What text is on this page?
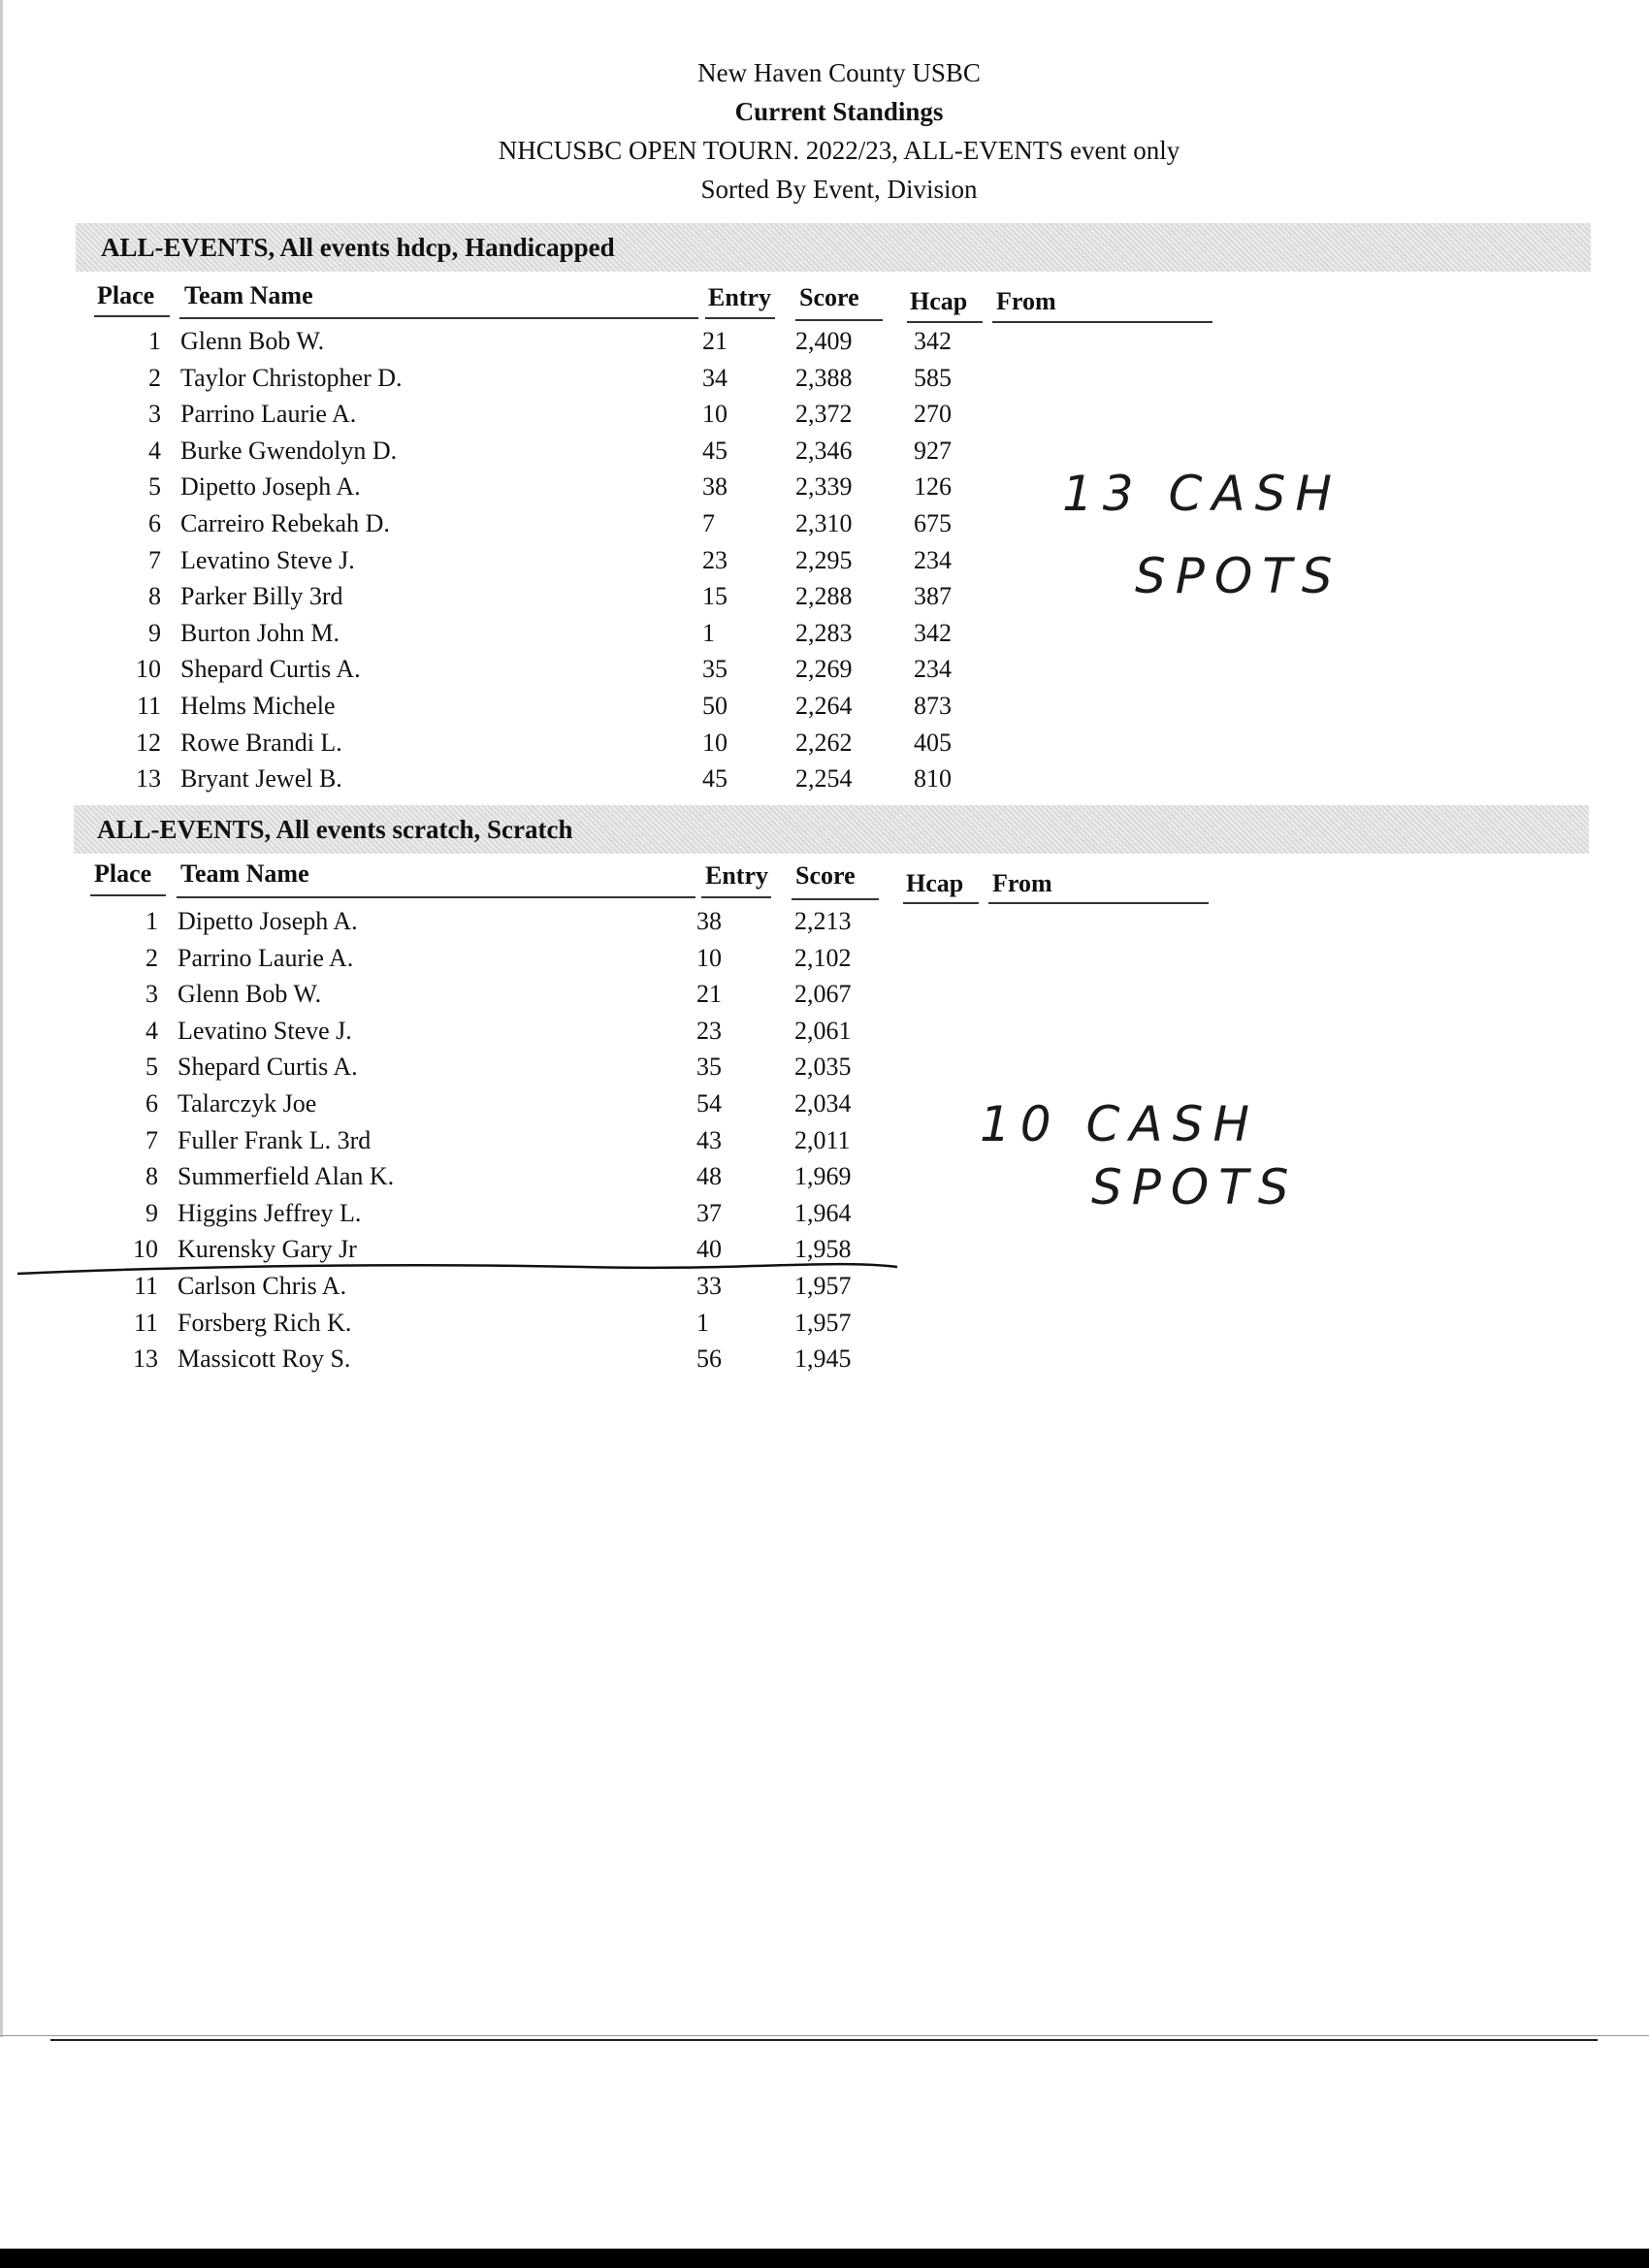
New Haven County USBC
Current Standings
NHCUSBC OPEN TOURN. 2022/23, ALL-EVENTS event only
Sorted By Event, Division
ALL-EVENTS, All events hdcp, Handicapped
Place Team Name	Entry Score Hcap From
1 Glenn Bob W.	21	2,409 342
2 Taylor Christopher D.	34	2,388 585
3 Parrino Laurie A.	10	2,372 270
4 Burke Gwendolyn D.	45	2,346 927
5 Dipetto Joseph A.	38	2,339 126
6 Carreiro Rebekah D.	7	2,310 675
7 Levatino Steve J.	23	2,295 234
8 Parker Billy 3rd	15	2,288 387
9 Burton John M.	1	2,283 342
10 Shepard Curtis A.	35	2,269 234
11 Helms Michele	50	2,264 873
12 Rowe Brandi L.	10	2,262 405
13 Bryant Jewel B.	45	2,254 810
13 CASH
SPOTS
ALL-EVENTS, All events scratch, Scratch
Place Team Name	Entry Score Hcap From
1 Dipetto Joseph A.	38	2,213
2 Parrino Laurie A.	10	2,102
3 Glenn Bob W.	21	2,067
4 Levatino Steve J.	23	2,061
5 Shepard Curtis A.	35	2,035
6 Talarczyk Joe	54	2,034
7 Fuller Frank L. 3rd	43	2,011
8 Summerfield Alan K.	48	1,969
9 Higgins Jeffrey L.	37	1,964
10 Kurensky Gary Jr	40	1,958
11 Carlson Chris A.	33	1,957
11 Forsberg Rich K.	1	1,957
13 Massicott Roy S.	56	1,945
10 CASH
SPOTS
